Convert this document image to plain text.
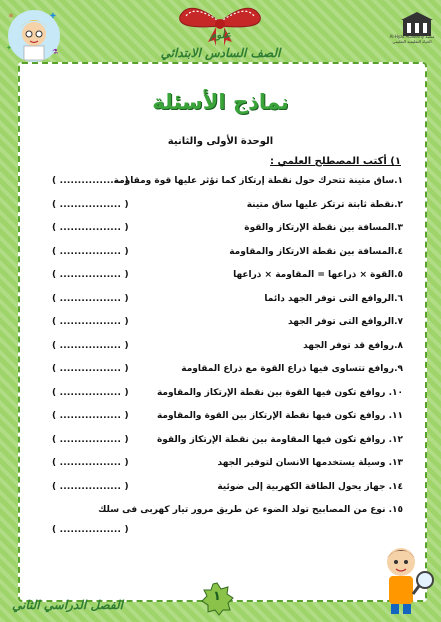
⚛	✚
✦	⚗
Al-Hyat Academy منصة الحياة التعليمية التعليمي
علوم
الصف السادس الابتدائي
نماذج الأسئلة
الوحدة الأولى والثانية
١) أكتب المصطلح العلمي :
١.ساق متينة تتحرك حول نقطة إرتكاز كما تؤثر عليها قوة ومقاومة
( ................. )
٢.نقطة ثابتة ترتكز عليها ساق متينة
( ................. )
٣.المسافة بين نقطة الإرتكاز والقوة
( ................. )
٤.المسافة بين نقطة الارتكاز والمقاومة
( ................. )
٥.القوة × ذراعها = المقاومة × ذراعها
( ................. )
٦.الروافع التى توفر الجهد دائما
( ................. )
٧.الروافع التى توفر الجهد
( ................. )
٨.روافع قد توفر الجهد
( ................. )
٩.روافع تتساوى فيها ذراع القوة مع ذراع المقاومة
( ................. )
١٠. روافع تكون فيها القوة بين نقطة الإرتكاز والمقاومة
( ................. )
١١. روافع تكون فيها نقطة الإرتكاز بين القوة والمقاومة
( ................. )
١٢. روافع تكون فيها المقاومة بين نقطة الإرتكاز والقوة
( ................. )
١٣. وسيلة يستخدمها الانسان لتوفير الجهد
( ................. )
١٤. جهاز يحول الطاقة الكهربية إلى ضوئية
( ................. )
١٥. نوع من المصابيح تولد الضوء عن طريق مرور تيار كهربى فى سلك
( ................. )
١
الفصل الدراسي الثاني
